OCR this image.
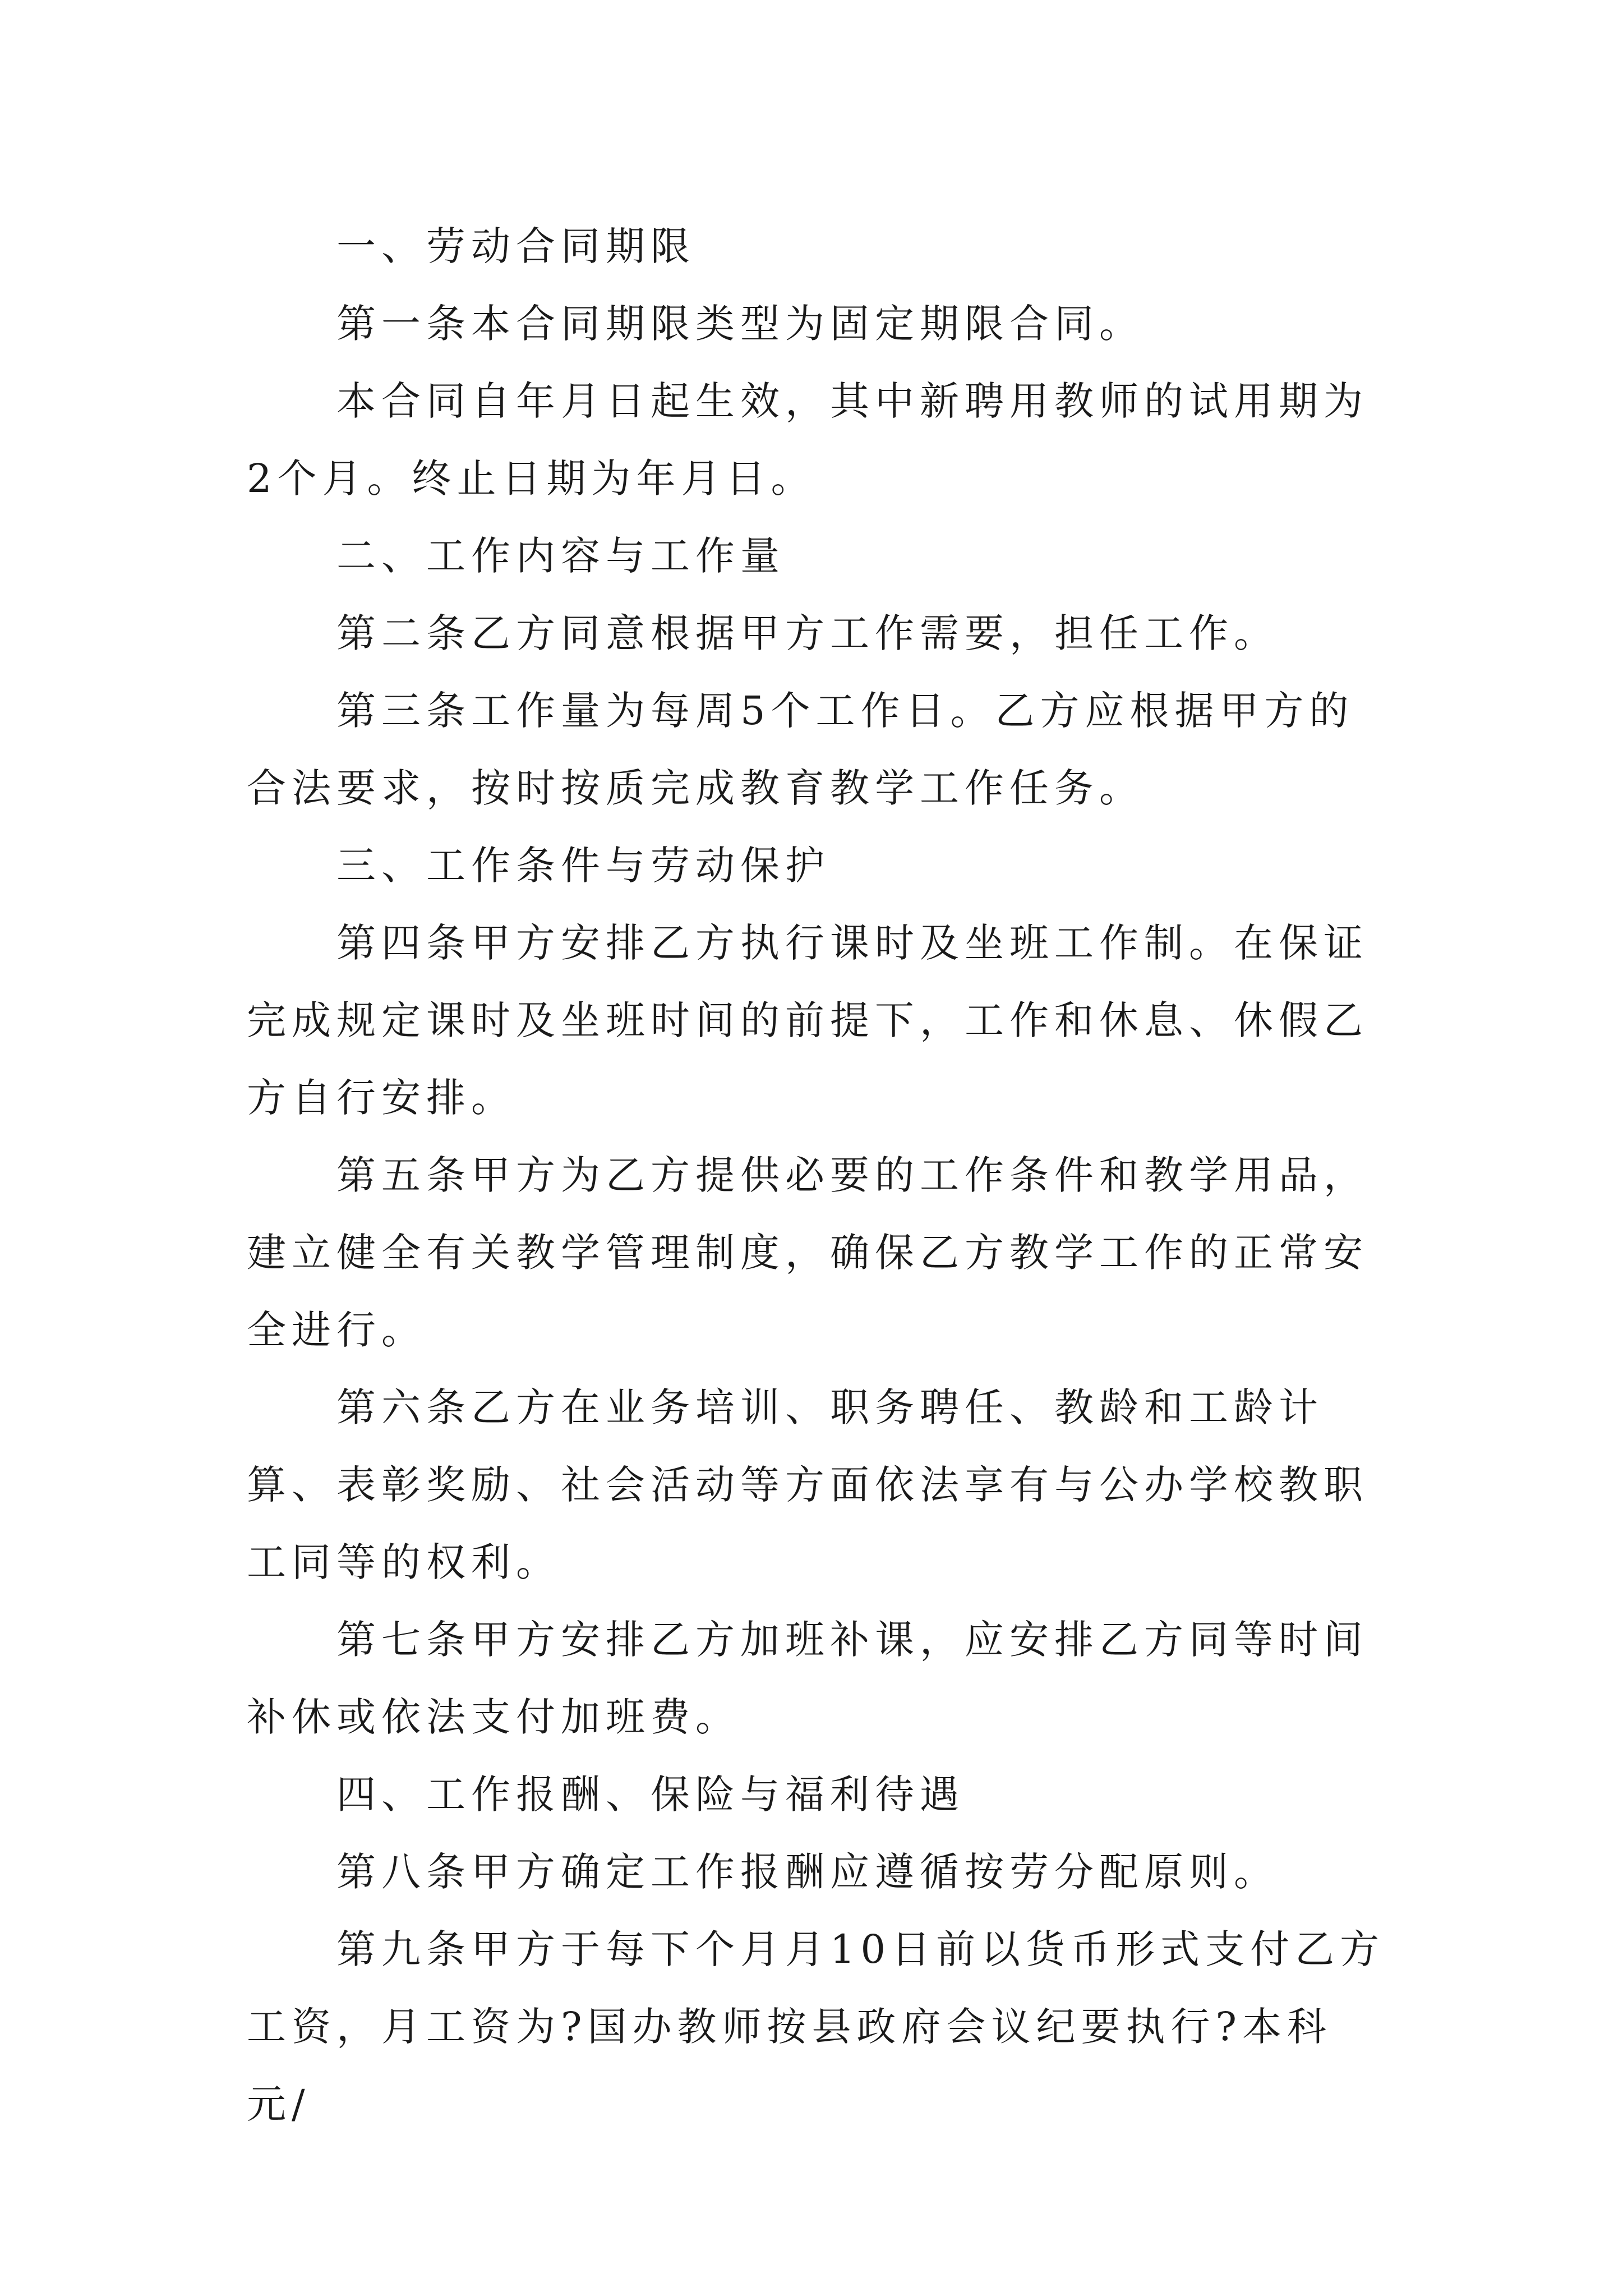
一、劳动合同期限

第一条本合同期限类型为固定期限合同。

本合同自年月日起生效，其中新聘用教师的试用期为2个月。终止日期为年月日。

二、工作内容与工作量

第二条乙方同意根据甲方工作需要，担任工作。

第三条工作量为每周5个工作日。乙方应根据甲方的合法要求，按时按质完成教育教学工作任务。

三、工作条件与劳动保护

第四条甲方安排乙方执行课时及坐班工作制。在保证完成规定课时及坐班时间的前提下，工作和休息、休假乙方自行安排。

第五条甲方为乙方提供必要的工作条件和教学用品，建立健全有关教学管理制度，确保乙方教学工作的正常安全进行。

第六条乙方在业务培训、职务聘任、教龄和工龄计算、表彰奖励、社会活动等方面依法享有与公办学校教职工同等的权利。

第七条甲方安排乙方加班补课，应安排乙方同等时间补休或依法支付加班费。

四、工作报酬、保险与福利待遇

第八条甲方确定工作报酬应遵循按劳分配原则。

第九条甲方于每下个月月10日前以货币形式支付乙方工资，月工资为?国办教师按县政府会议纪要执行?本科元/
